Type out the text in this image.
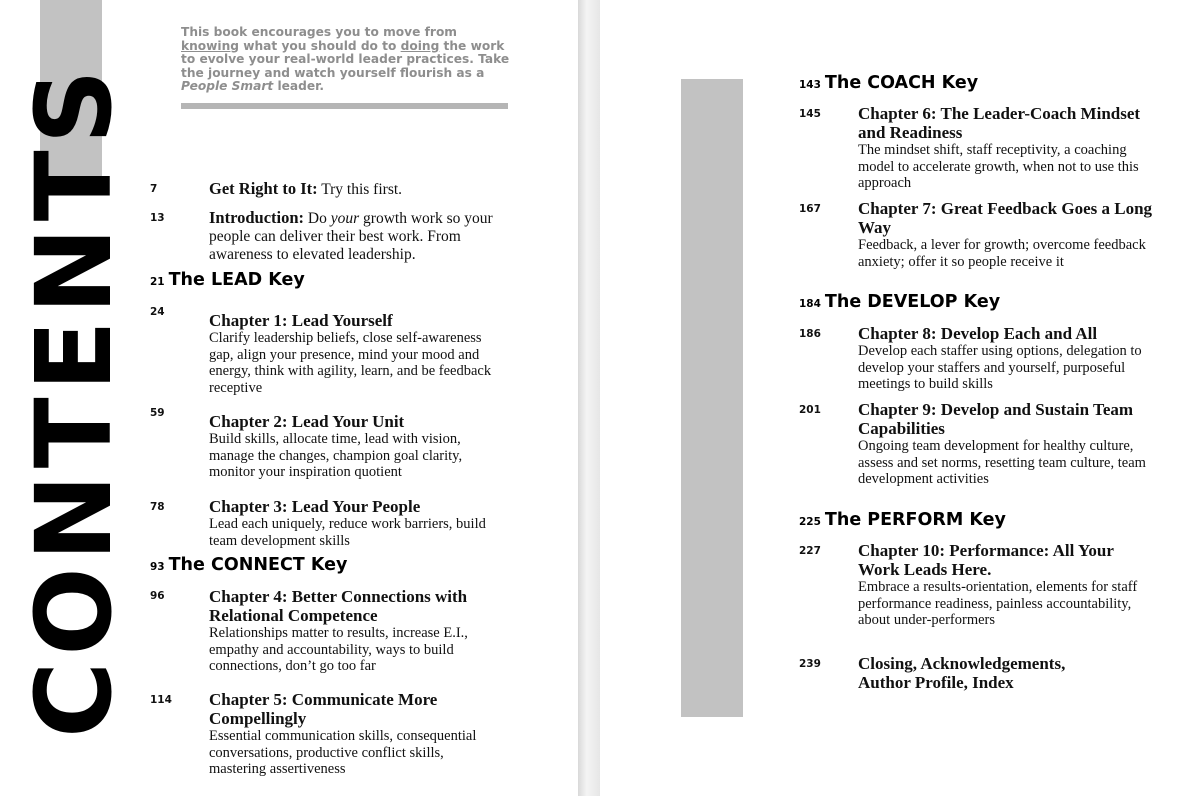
CONTENTS
This book encourages you to move from knowing what you should do to doing the work to evolve your real-world leader practices. Take the journey and watch yourself flourish as a People Smart leader.
7	Get Right to It: Try this first.
13	Introduction: Do your growth work so your people can deliver their best work. From awareness to elevated leadership.
21 The LEAD Key
24	Chapter 1: Lead Yourself
Clarify leadership beliefs, close self-awareness gap, align your presence, mind your mood and energy, think with agility, learn, and be feedback receptive
59	Chapter 2: Lead Your Unit
Build skills, allocate time, lead with vision, manage the changes, champion goal clarity, monitor your inspiration quotient
78	Chapter 3: Lead Your People
Lead each uniquely, reduce work barriers, build team development skills
93 The CONNECT Key
96	Chapter 4: Better Connections with Relational Competence
Relationships matter to results, increase E.I., empathy and accountability, ways to build connections, don’t go too far
114 Chapter 5: Communicate More Compellingly
Essential communication skills, consequential conversations, productive conflict skills, mastering assertiveness
143 The COACH Key
145 Chapter 6: The Leader-Coach Mindset and Readiness
The mindset shift, staff receptivity, a coaching model to accelerate growth, when not to use this approach
167 Chapter 7: Great Feedback Goes a Long Way
Feedback, a lever for growth; overcome feedback anxiety; offer it so people receive it
184 The DEVELOP Key
186 Chapter 8: Develop Each and All
Develop each staffer using options, delegation to develop your staffers and yourself, purposeful meetings to build skills
201 Chapter 9: Develop and Sustain Team Capabilities
Ongoing team development for healthy culture, assess and set norms, resetting team culture, team development activities
225 The PERFORM Key
227 Chapter 10: Performance: All Your Work Leads Here.
Embrace a results-orientation, elements for staff performance readiness, painless accountability, about under-performers
239 Closing, Acknowledgements, Author Profile, Index
